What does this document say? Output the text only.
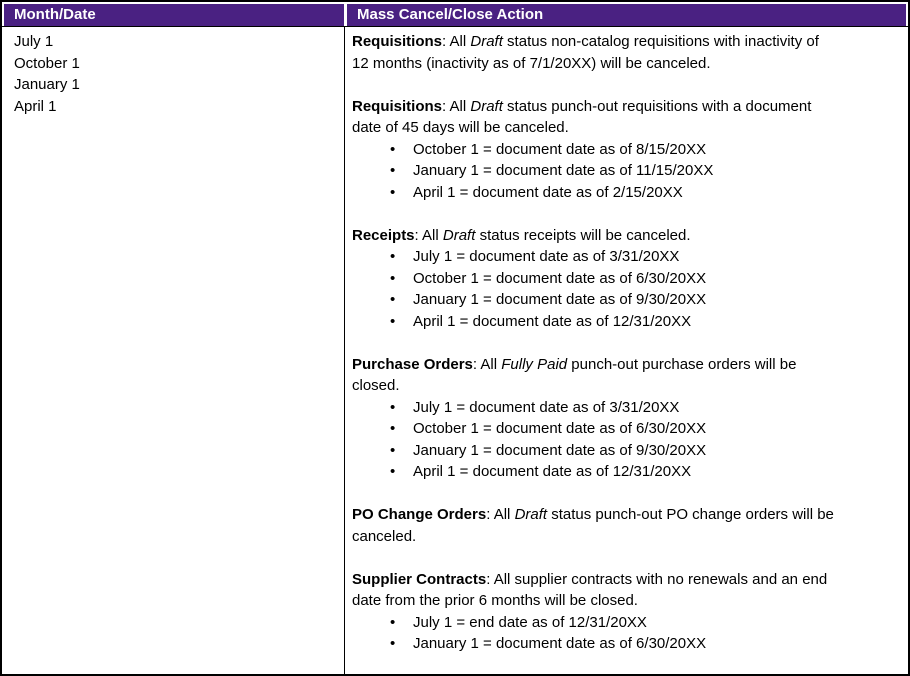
Month/Date	Mass Cancel/Close Action
July 1
October 1
January 1
April 1

Requisitions: All Draft status non-catalog requisitions with inactivity of
12 months (inactivity as of 7/1/20XX) will be canceled.

Requisitions: All Draft status punch-out requisitions with a document
date of 45 days will be canceled.

• October 1 = document date as of 8/15/20XX
• January 1 = document date as of 11/15/20XX
• April 1 = document date as of 2/15/20XX

Receipts: All Draft status receipts will be canceled.

• July 1 = document date as of 3/31/20XX
• October 1 = document date as of 6/30/20XX
• January 1 = document date as of 9/30/20XX
• April 1 = document date as of 12/31/20XX

Purchase Orders: All Fully Paid punch-out purchase orders will be
closed.

• July 1 = document date as of 3/31/20XX
• October 1 = document date as of 6/30/20XX
• January 1 = document date as of 9/30/20XX
• April 1 = document date as of 12/31/20XX

PO Change Orders: All Draft status punch-out PO change orders will be
canceled.

Supplier Contracts: All supplier contracts with no renewals and an end
date from the prior 6 months will be closed.

• July 1 = end date as of 12/31/20XX
• January 1 = document date as of 6/30/20XX
